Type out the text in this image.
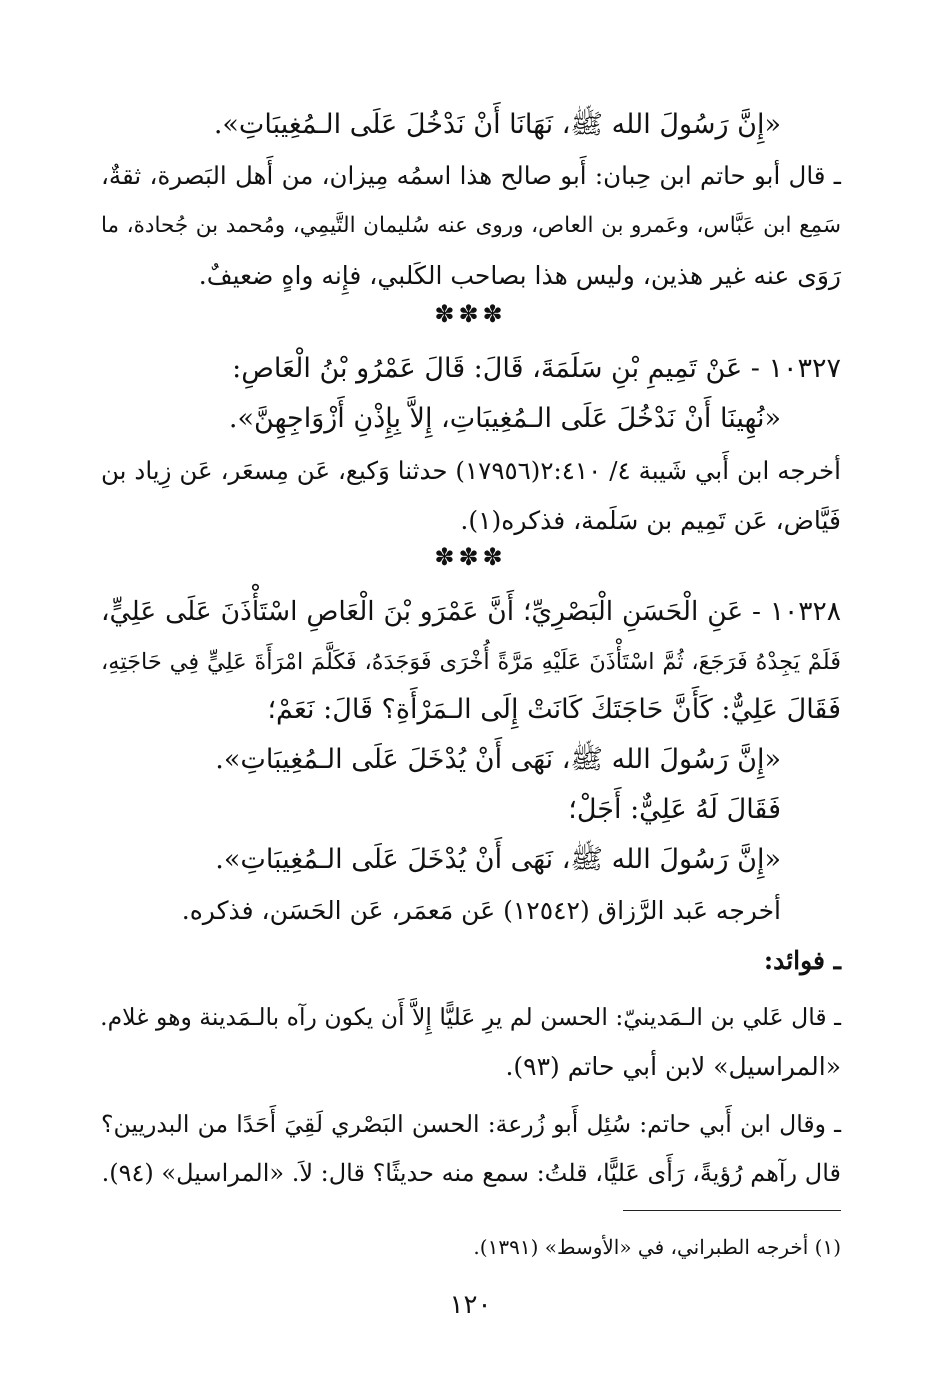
«إِنَّ رَسُولَ الله ﷺ، نَهَانَا أَنْ نَدْخُلَ عَلَى الـمُغِيبَاتِ».
ـ قال أبو حاتم ابن حِبان: أَبو صالح هذا اسمُه مِيزان، من أَهل البَصرة، ثقةٌ،
سَمِع ابن عَبَّاس، وعَمرو بن العاص، وروى عنه سُليمان التَّيمِي، ومُحمد بن جُحادة، ما
رَوَى عنه غير هذين، وليس هذا بصاحب الكَلبي، فإِنه واهٍ ضعيفٌ.
✽✽✽
١٠٣٢٧ - عَنْ تَمِيمِ بْنِ سَلَمَةَ، قَالَ: قَالَ عَمْرُو بْنُ الْعَاصِ:
«نُهِينَا أَنْ نَدْخُلَ عَلَى الـمُغِيبَاتِ، إِلاَّ بِإِذْنِ أَزْوَاجِهِنَّ».
أخرجه ابن أَبي شَيبة ٤/ ٢:٤١٠(١٧٩٥٦) حدثنا وَكيع، عَن مِسعَر، عَن زِياد بن
فَيَّاض، عَن تَمِيم بن سَلَمة، فذكره(١).
✽✽✽
١٠٣٢٨ - عَنِ الْحَسَنِ الْبَصْرِيِّ؛ أَنَّ عَمْرَو بْنَ الْعَاصِ اسْتَأْذَنَ عَلَى عَلِيٍّ،
فَلَمْ يَجِدْهُ فَرَجَعَ، ثُمَّ اسْتَأْذَنَ عَلَيْهِ مَرَّةً أُخْرَى فَوَجَدَهُ، فَكَلَّمَ امْرَأَةَ عَلِيٍّ فِي حَاجَتِهِ،
فَقَالَ عَلِيٌّ: كَأَنَّ حَاجَتَكَ كَانَتْ إِلَى الـمَرْأَةِ؟ قَالَ: نَعَمْ؛
«إِنَّ رَسُولَ الله ﷺ، نَهَى أَنْ يُدْخَلَ عَلَى الـمُغِيبَاتِ».
فَقَالَ لَهُ عَلِيٌّ: أَجَلْ؛
«إِنَّ رَسُولَ الله ﷺ، نَهَى أَنْ يُدْخَلَ عَلَى الـمُغِيبَاتِ».
أخرجه عَبد الرَّزاق (١٢٥٤٢) عَن مَعمَر، عَن الحَسَن، فذكره.
ـ فوائد:
ـ قال عَلي بن الـمَدينيّ: الحسن لم يرِ عَليًّا إِلاَّ أَن يكون رآه بالـمَدينة وهو غلام.
«المراسيل» لابن أبي حاتم (٩٣).
ـ وقال ابن أَبي حاتم: سُئِل أَبو زُرعة: الحسن البَصْري لَقِيَ أَحَدًا من البدريين؟
قال رآهم رُؤيةً، رَأَى عَليًّا، قلتُ: سمع منه حديثًا؟ قال: لاَ. «المراسيل» (٩٤).
(١) أخرجه الطبراني، في «الأوسط» (١٣٩١).
١٢٠
